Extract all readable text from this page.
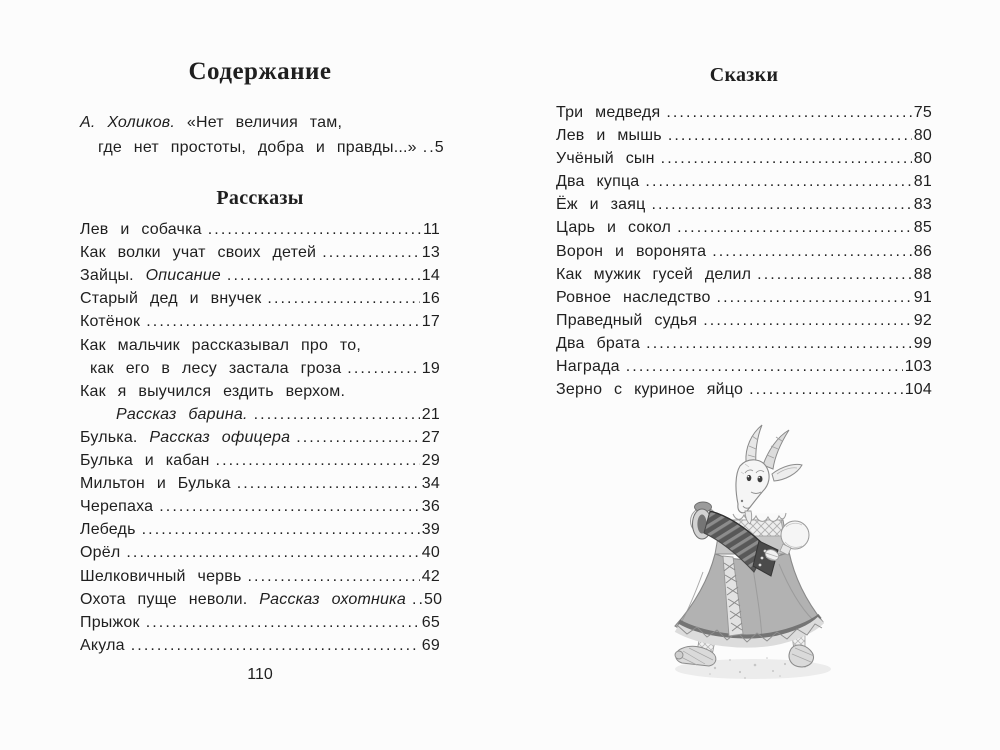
Содержание
А. Холиков. «Нет величия там,
где нет простоты, добра и правды...» ..... 5
Рассказы
Лев и собачка .....	11
Как волки учат своих детей .....	13
Зайцы. Описание .....	14
Старый дед и внучек .....	16
Котёнок .....	17
Как мальчик рассказывал про то,
как его в лесу застала гроза .....	19
Как я выучился ездить верхом.
Рассказ барина. .....	21
Булька. Рассказ офицера .....	27
Булька и кабан .....	29
Мильтон и Булька .....	34
Черепаха .....	36
Лебедь .....	39
Орёл .....	40
Шелковичный червь .....	42
Охота пуще неволи. Рассказ охотника ..... 50
Прыжок .....	65
Акула .....	69
Сказки
Три медведя .....	75
Лев и мышь .....	80
Учёный сын .....	80
Два купца .....	81
Ёж и заяц .....	83
Царь и сокол .....	85
Ворон и воронята .....	86
Как мужик гусей делил .....	88
Ровное наследство .....	91
Праведный судья .....	92
Два брата .....	99
Награда .....	103
Зерно с куриное яйцо .....	104
110
